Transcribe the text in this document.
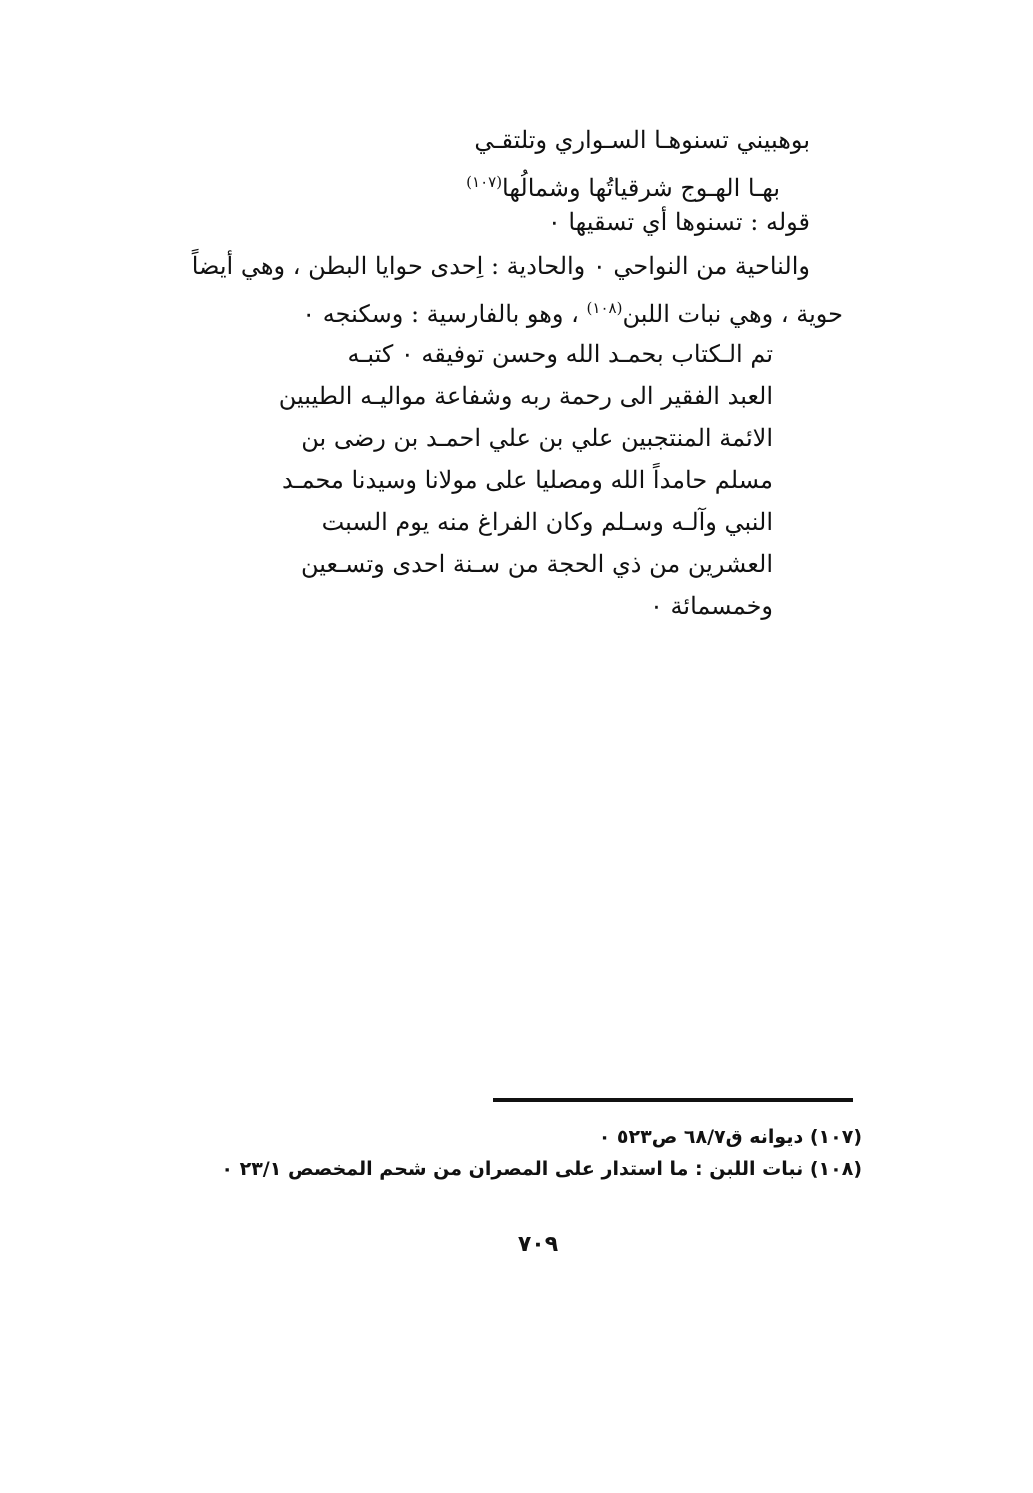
بوهبيني تسنوهـا السـواري وتلتقـي
بهـا الهـوج شرقياتُها وشمالُها$^{(١٠٧)}$
قوله : تسنوها أي تسقيها ٠
والناحية من النواحي ٠ والحادية : اِحدى حوايا البطن ، وهي أيضاً
حوية ، وهي نبات اللبن$^{(١٠٨)}$ ، وهو بالفارسية : وسكنجه ٠
تم الـكتاب بحمـد الله وحسن توفيقه ٠ كتبـه
العبد الفقير الى رحمة ربه وشفاعة مواليـه الطيبين
الائمة المنتجبين علي بن علي احمـد بن رضى بن
مسلم حامداً الله ومصليا على مولانا وسيدنا محمـد
النبي وآلـه وسـلم وكان الفراغ منه يوم السبت
العشرين من ذي الحجة من سـنة احدى وتسـعين
وخمسمائة ٠
(١٠٧) ديوانه ق٦٨/٧ ص٥٢٣ ٠
(١٠٨) نبات اللبن : ما استدار على المصران من شحم المخصص ٢٣/١ ٠
٧٠٩
